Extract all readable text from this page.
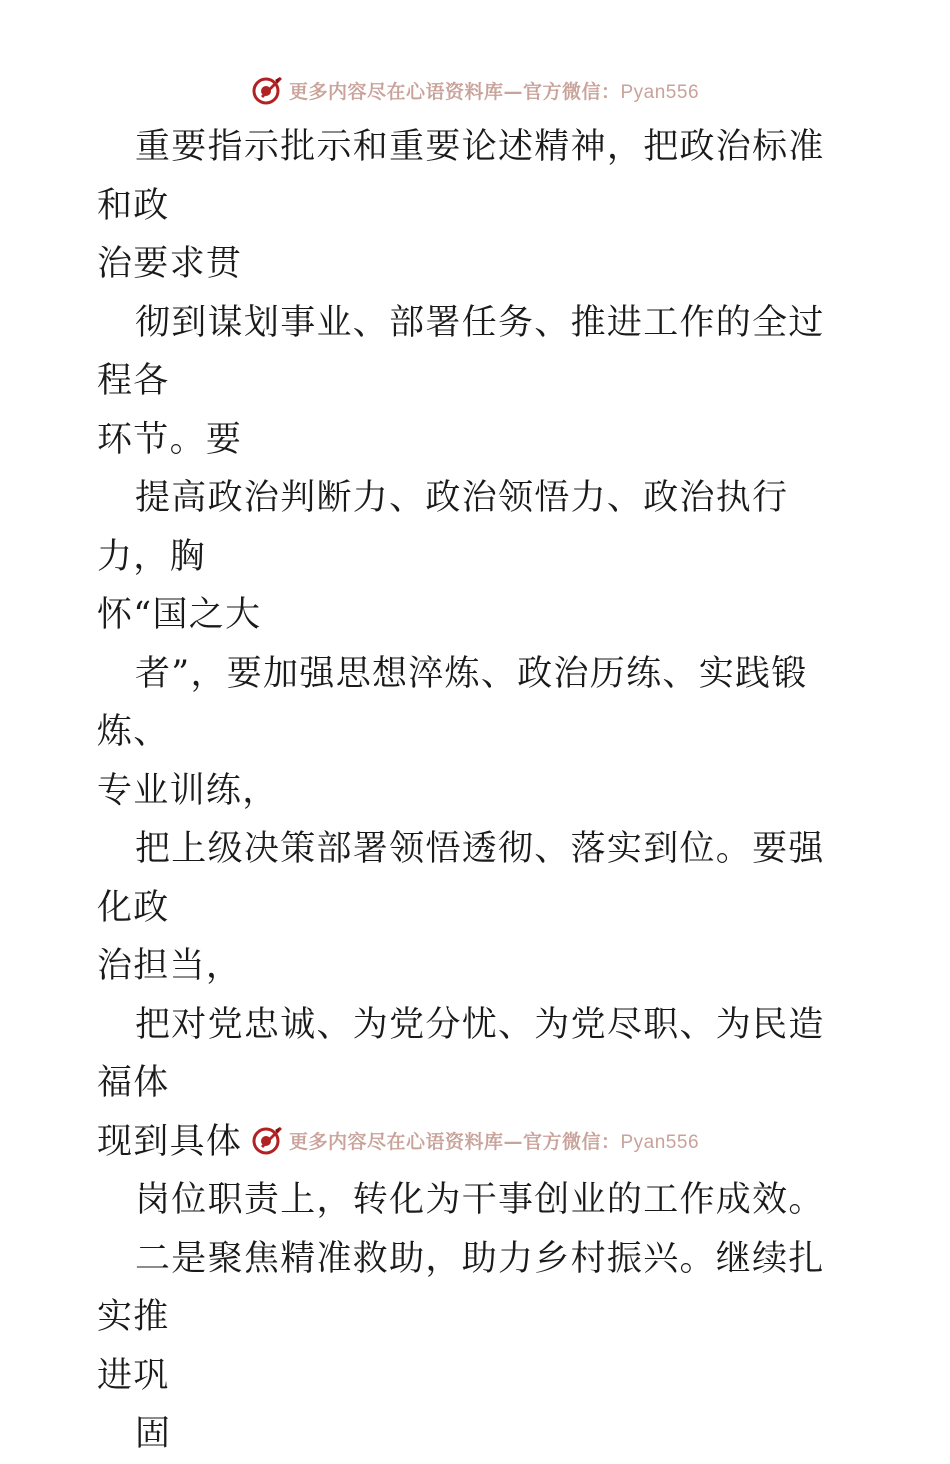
更多内容尽在心语资料库—官方微信：Pyan556

重要指示批示和重要论述精神，把政治标准和政
治要求贯

彻到谋划事业、部署任务、推进工作的全过程各
环节。要

提高政治判断力、政治领悟力、政治执行力，胸
怀“国之大

者”，要加强思想淬炼、政治历练、实践锻炼、
专业训练，

把上级决策部署领悟透彻、落实到位。要强化政
治担当，

把对党忠诚、为党分忧、为党尽职、为民造福体
现到具体

岗位职责上，转化为干事创业的工作成效。

二是聚焦精准救助，助力乡村振兴。继续扎实推
进巩

固

更多内容尽在心语资料库—官方微信：Pyan556
